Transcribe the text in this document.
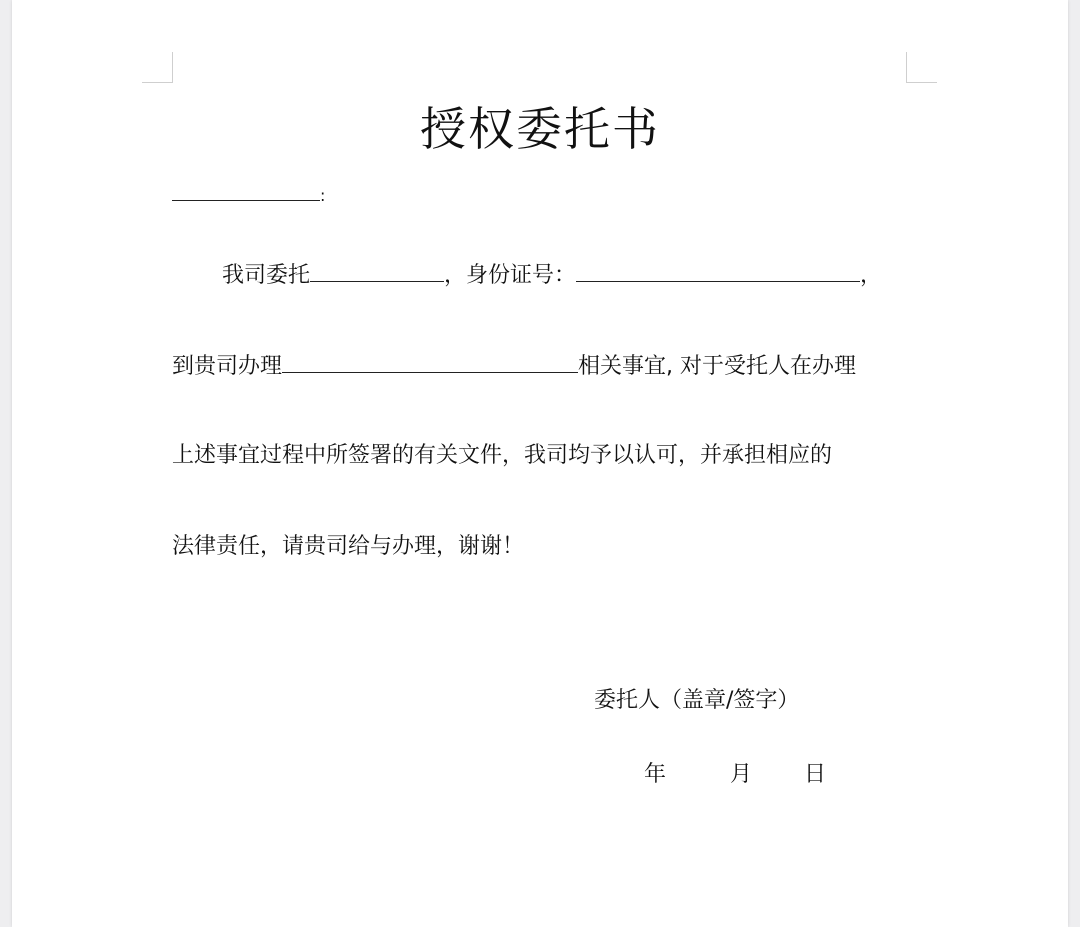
授权委托书
:
我司委托	，身份证号：	，
到贵司办理	相关事宜, 对于受托人在办理
上述事宜过程中所签署的有关文件，我司均予以认可，并承担相应的
法律责任，请贵司给与办理，谢谢！
委托人（盖章/签字）
年	月 日
